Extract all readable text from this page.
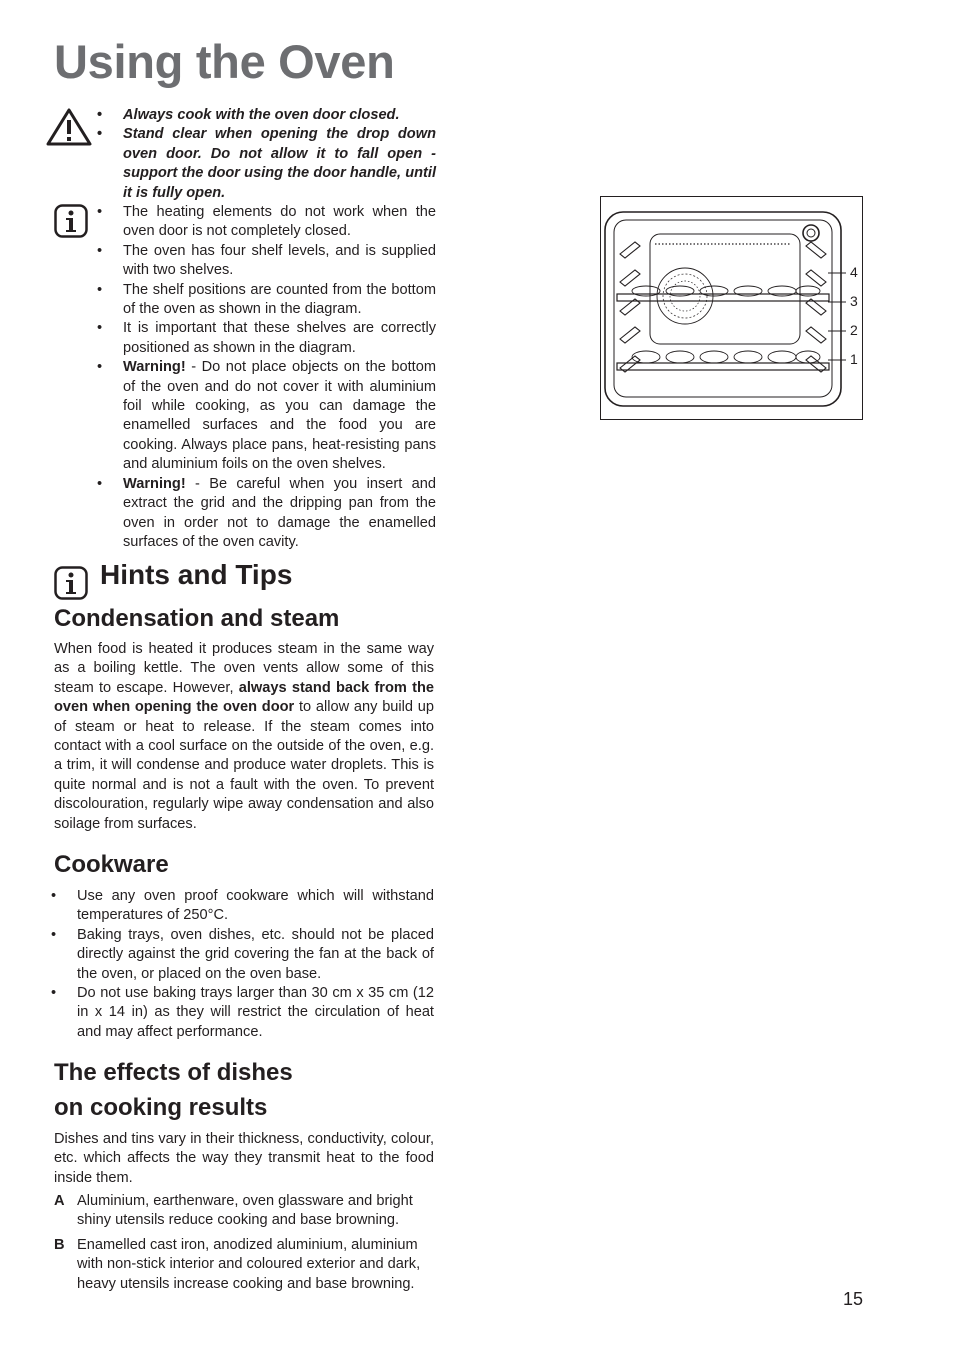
Using the Oven
• Always cook with the oven door closed.
• Stand clear when opening the drop down oven door. Do not allow it to fall open - support the door using the door handle, until it is fully open.
• The heating elements do not work when the oven door is not completely closed.
• The oven has four shelf levels, and is supplied with two shelves.
• The shelf positions are counted from the bottom of the oven as shown in the diagram.
• It is important that these shelves are correctly positioned as shown in the diagram.
• Warning! - Do not place objects on the bottom of the oven and do not cover it with aluminium foil while cooking, as you can damage the enamelled surfaces and the food you are cooking. Always place pans, heat-resisting pans and aluminium foils on the oven shelves.
• Warning! - Be careful when you insert and extract the grid and the dripping pan from the oven in order not to damage the enamelled surfaces of the oven cavity.
4
3
2
1
Hints and Tips
Condensation and steam

When food is heated it produces steam in the same way as a boiling kettle. The oven vents allow some of this steam to escape. However, always stand back from the oven when opening the oven door to allow any build up of steam or heat to release. If the steam comes into contact with a cool surface on the outside of the oven, e.g. a trim, it will condense and produce water droplets. This is quite normal and is not a fault with the oven. To prevent discolouration, regularly wipe away condensation and also soilage from surfaces.

Cookware
• Use any oven proof cookware which will withstand temperatures of 250°C.
• Baking trays, oven dishes, etc. should not be placed directly against the grid covering the fan at the back of the oven, or placed on the oven base.
• Do not use baking trays larger than 30 cm x 35 cm (12 in x 14 in) as they will restrict the circulation of heat and may affect performance.
The effects of dishes
on cooking results

Dishes and tins vary in their thickness, conductivity, colour, etc. which affects the way they transmit heat to the food inside them.

A Aluminium, earthenware, oven glassware and bright shiny utensils reduce cooking and base browning.
B Enamelled cast iron, anodized aluminium, aluminium with non-stick interior and coloured exterior and dark, heavy utensils increase cooking and base browning.
15
